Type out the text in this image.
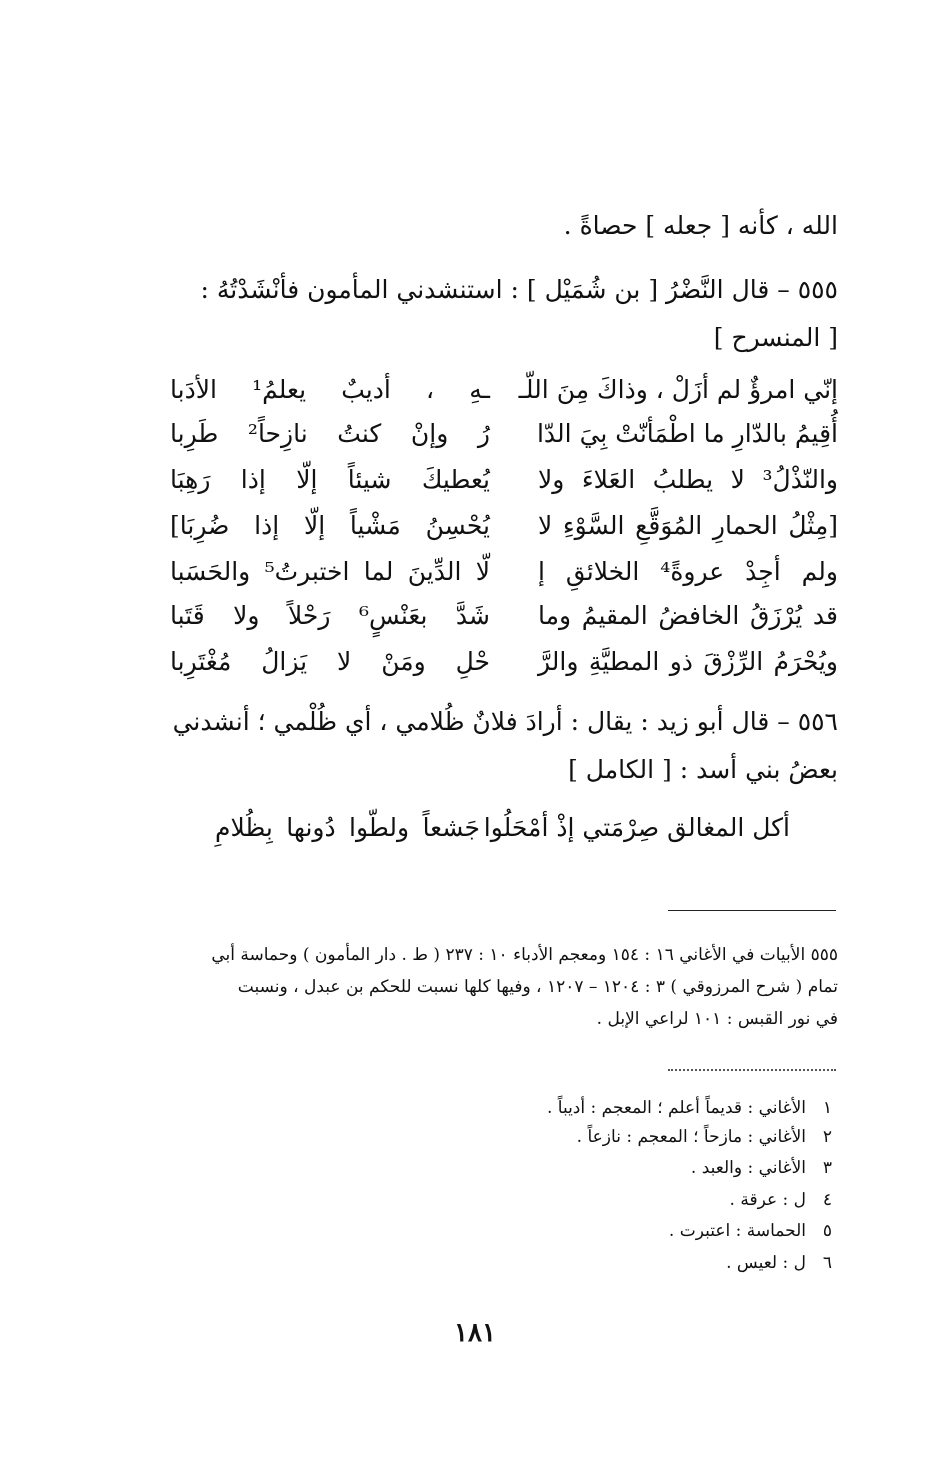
الله ، كأنه [ جعله ] حصاةً .
٥٥٥ – قال النَّضْرُ [ بن شُمَيْل ] : استنشدني المأمون فأنْشَدْتُهُ :
[ المنسرح ]
إنّي امرؤٌ لم أزَلْ ، وذاكَ مِنَ اللّـ
ـهِ ، أديبٌ يعلمُ¹ الأدَبا
أُقِيمُ بالدّارِ ما اطْمَأنّتْ بِيَ الدّا
رُ وإنْ كنتُ نازِحاً² طَرِبا
والنّذْلُ³ لا يطلبُ العَلاءَ ولا
يُعطيكَ شيئاً إلّا إذا رَهِبَا
[مِثْلُ الحمارِ المُوَقَّعِ السَّوْءِ لا
يُحْسِنُ مَشْياً إلّا إذا ضُرِبَا]
ولم أجِدْ عروةً⁴ الخلائقِ إ
لّا الدِّينَ لما اختبرتُ⁵ والحَسَبا
قد يُرْزَقُ الخافضُ المقيمُ وما
شَدَّ بعَنْسٍ⁶ رَحْلاً ولا قَتَبا
ويُحْرَمُ الرِّزْقَ ذو المطيَّةِ والرَّ
حْلِ ومَنْ لا يَزالُ مُغْتَرِبا
٥٥٦ – قال أبو زيد : يقال : أرادَ فلانٌ ظُلامي ، أي ظُلْمي ؛ أنشدني
بعضُ بني أسد : [ الكامل ]
أكل المغالق صِرْمَتي إذْ أمْحَلُوا
جَشعاً ولطّوا دُونها بِظُلامِ
٥٥٥ الأبيات في الأغاني ١٦ : ١٥٤ ومعجم الأدباء ١٠ : ٢٣٧ ( ط . دار المأمون ) وحماسة أبي
تمام ( شرح المرزوقي ) ٣ : ١٢٠٤ – ١٢٠٧ ، وفيها كلها نسبت للحكم بن عبدل ، ونسبت
في نور القبس : ١٠١ لراعي الإبل .
١الأغاني : قديماً أعلم ؛ المعجم : أديباً .
٢الأغاني : مازحاً ؛ المعجم : نازعاً .
٣الأغاني : والعبد .
٤ل : عرقة .
٥الحماسة : اعتبرت .
٦ل : لعيس .
١٨١
